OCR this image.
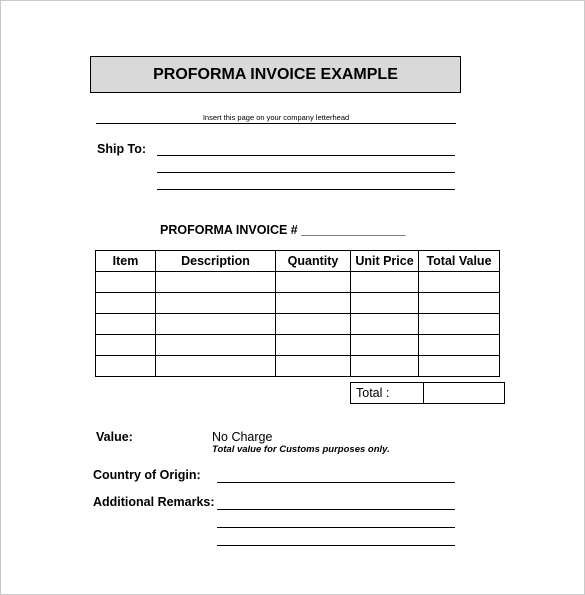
PROFORMA INVOICE EXAMPLE
Insert this page on your company letterhead
Ship To:
PROFORMA INVOICE # _______________
Item	Description	Quantity	Unit Price	Total Value

Total :	
Value:	No Charge
Total value for Customs purposes only.
Country of Origin:
Additional Remarks:
